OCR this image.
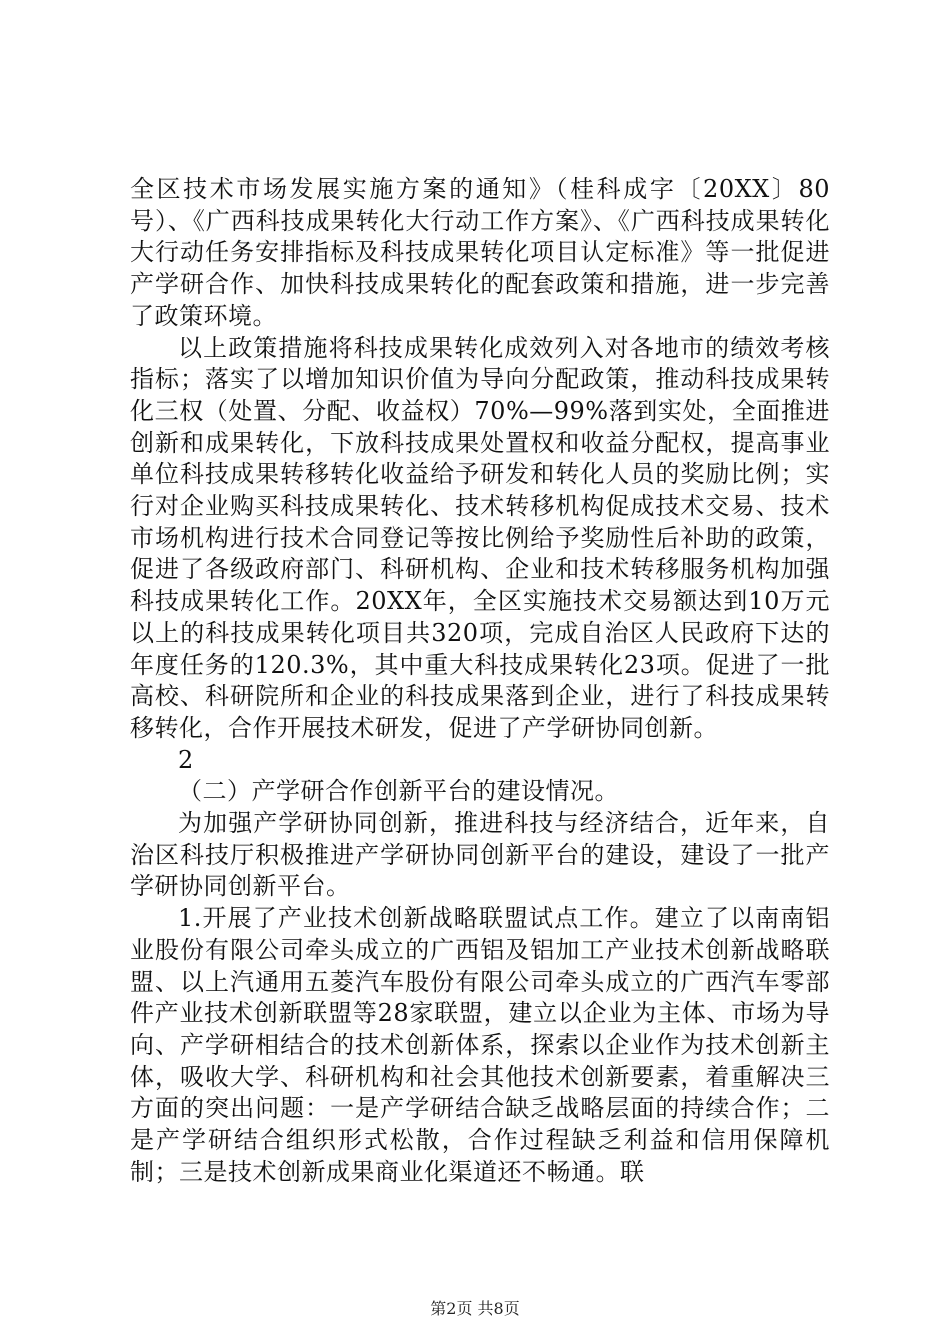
全区技术市场发展实施方案的通知》（桂科成字〔20XX〕80号）、《广西科技成果转化大行动工作方案》、《广西科技成果转化大行动任务安排指标及科技成果转化项目认定标准》等一批促进产学研合作、加快科技成果转化的配套政策和措施，进一步完善了政策环境。

以上政策措施将科技成果转化成效列入对各地市的绩效考核指标；落实了以增加知识价值为导向分配政策，推动科技成果转化三权（处置、分配、收益权）70%—99%落到实处，全面推进创新和成果转化，下放科技成果处置权和收益分配权，提高事业单位科技成果转移转化收益给予研发和转化人员的奖励比例；实行对企业购买科技成果转化、技术转移机构促成技术交易、技术市场机构进行技术合同登记等按比例给予奖励性后补助的政策，促进了各级政府部门、科研机构、企业和技术转移服务机构加强科技成果转化工作。20XX年，全区实施技术交易额达到10万元以上的科技成果转化项目共320项，完成自治区人民政府下达的年度任务的120.3%，其中重大科技成果转化23项。促进了一批高校、科研院所和企业的科技成果落到企业，进行了科技成果转移转化，合作开展技术研发，促进了产学研协同创新。

2

（二）产学研合作创新平台的建设情况。

为加强产学研协同创新，推进科技与经济结合，近年来，自治区科技厅积极推进产学研协同创新平台的建设，建设了一批产学研协同创新平台。

1.开展了产业技术创新战略联盟试点工作。建立了以南南铝业股份有限公司牵头成立的广西铝及铝加工产业技术创新战略联盟、以上汽通用五菱汽车股份有限公司牵头成立的广西汽车零部件产业技术创新联盟等28家联盟，建立以企业为主体、市场为导向、产学研相结合的技术创新体系，探索以企业作为技术创新主体，吸收大学、科研机构和社会其他技术创新要素，着重解决三方面的突出问题：一是产学研结合缺乏战略层面的持续合作；二是产学研结合组织形式松散，合作过程缺乏利益和信用保障机制；三是技术创新成果商业化渠道还不畅通。联

第2页 共8页
